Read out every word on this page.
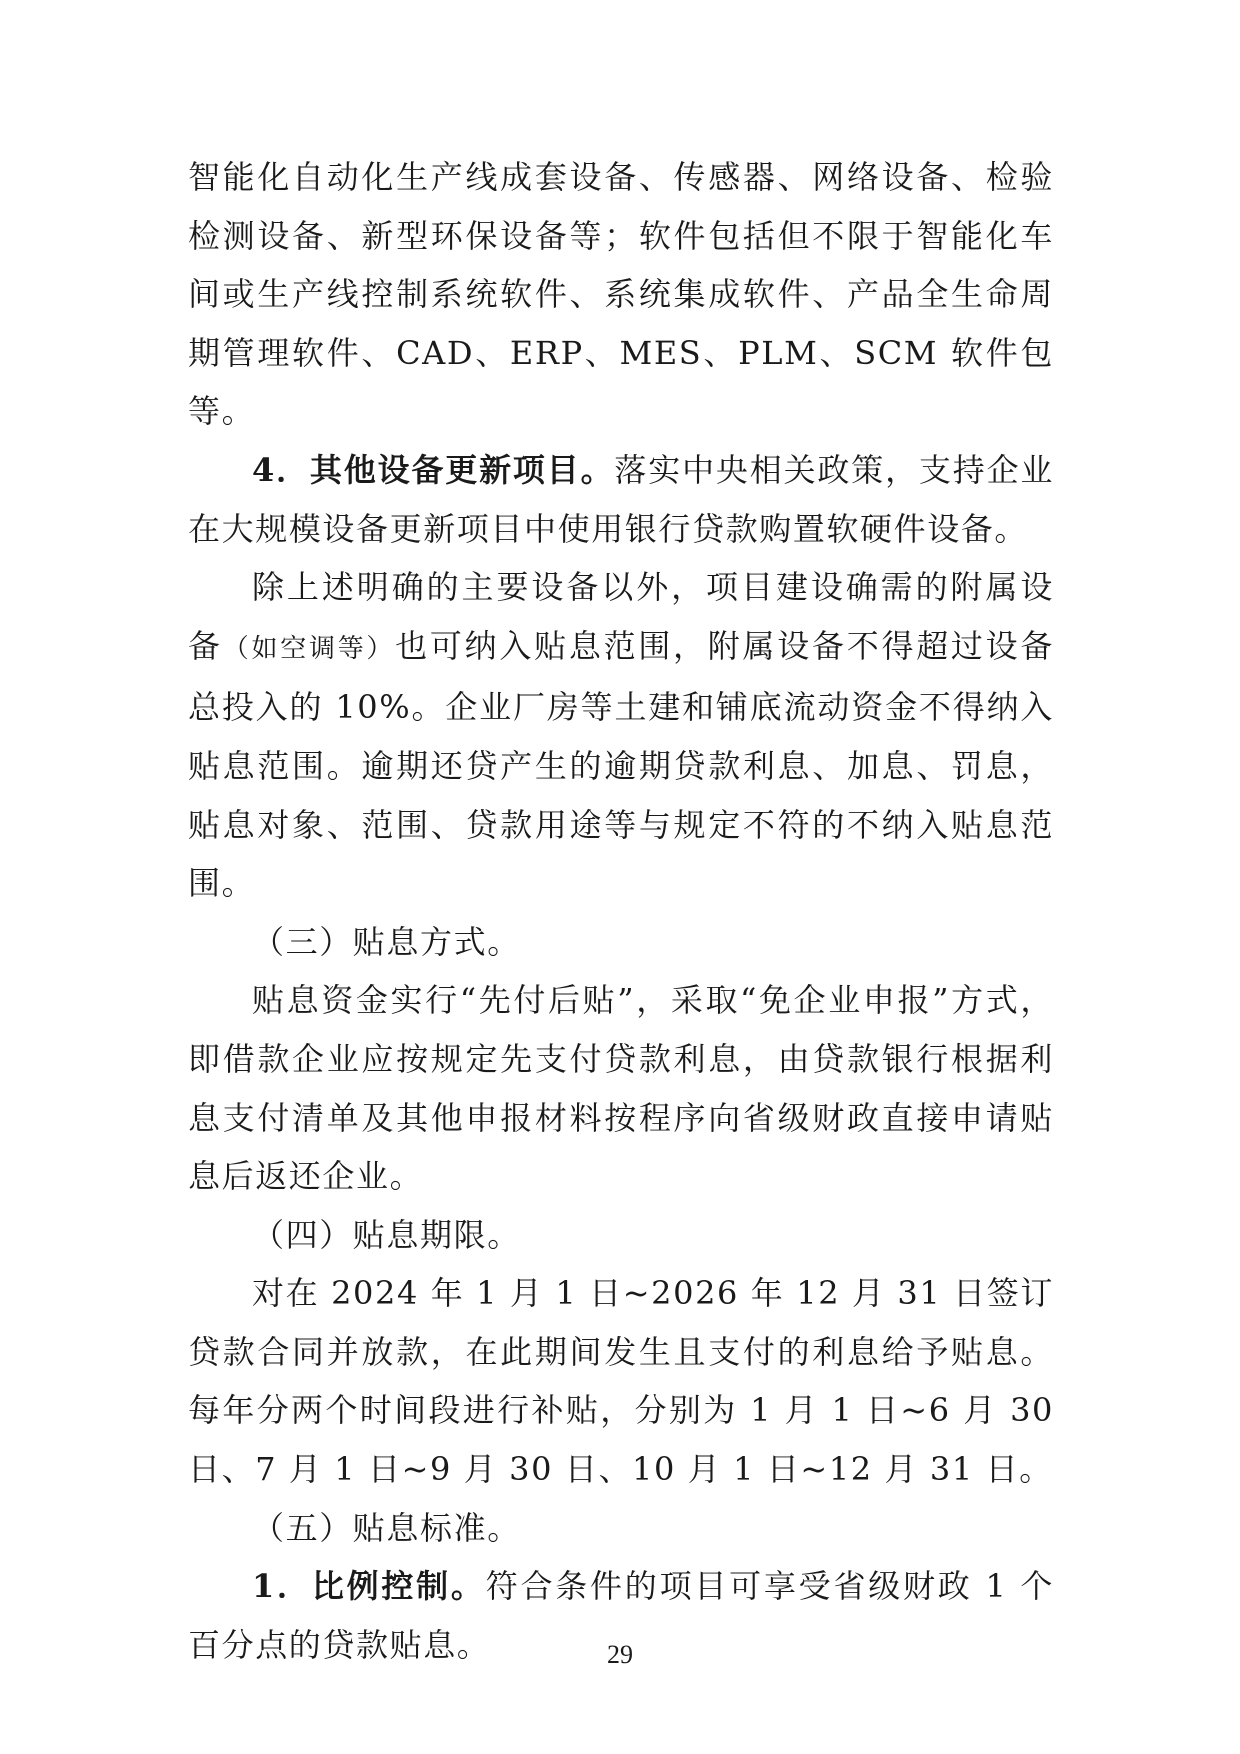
智能化自动化生产线成套设备、传感器、网络设备、检验检测设备、新型环保设备等；软件包括但不限于智能化车间或生产线控制系统软件、系统集成软件、产品全生命周期管理软件、CAD、ERP、MES、PLM、SCM 软件包等。

4．其他设备更新项目。落实中央相关政策，支持企业在大规模设备更新项目中使用银行贷款购置软硬件设备。

除上述明确的主要设备以外，项目建设确需的附属设备（如空调等）也可纳入贴息范围，附属设备不得超过设备总投入的 10%。企业厂房等土建和铺底流动资金不得纳入贴息范围。逾期还贷产生的逾期贷款利息、加息、罚息，贴息对象、范围、贷款用途等与规定不符的不纳入贴息范围。

（三）贴息方式。

贴息资金实行“先付后贴”，采取“免企业申报”方式，即借款企业应按规定先支付贷款利息，由贷款银行根据利息支付清单及其他申报材料按程序向省级财政直接申请贴息后返还企业。

（四）贴息期限。

对在 2024 年 1 月 1 日~2026 年 12 月 31 日签订贷款合同并放款，在此期间发生且支付的利息给予贴息。每年分两个时间段进行补贴，分别为 1 月 1 日~6 月 30 日、7 月 1 日~9 月 30 日、10 月 1 日~12 月 31 日。

（五）贴息标准。

1．比例控制。符合条件的项目可享受省级财政 1 个百分点的贷款贴息。	29
